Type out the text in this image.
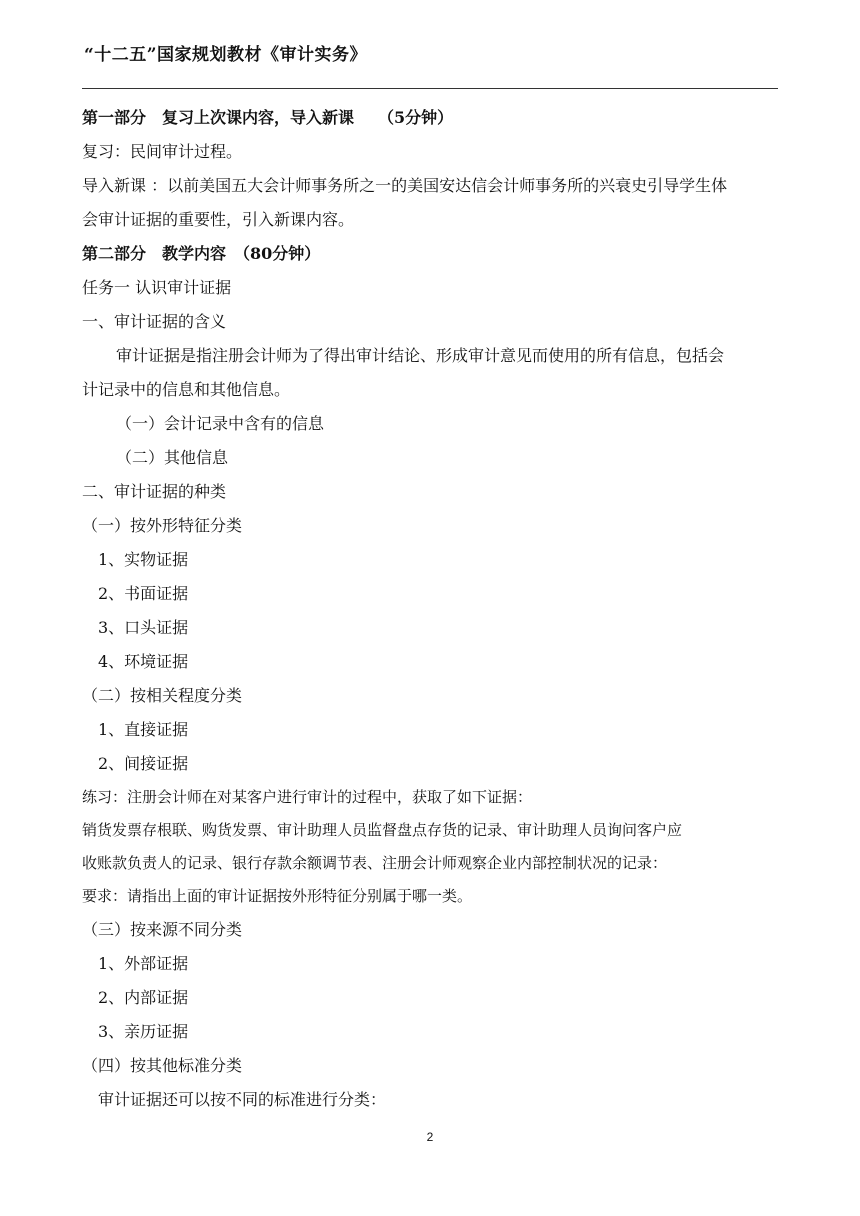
“十二五”国家规划教材《审计实务》
第一部分　复习上次课内容，导入新课　　（5分钟）
复习：民间审计过程。
导入新课 ：以前美国五大会计师事务所之一的美国安达信会计师事务所的兴衰史引导学生体
会审计证据的重要性，引入新课内容。
第二部分　教学内容　（80分钟）
任务一 认识审计证据
一、审计证据的含义
审计证据是指注册会计师为了得出审计结论、形成审计意见而使用的所有信息，包括会
计记录中的信息和其他信息。
（一）会计记录中含有的信息
（二）其他信息
二、审计证据的种类
（一）按外形特征分类
1、实物证据
2、书面证据
3、口头证据
4、环境证据
（二）按相关程度分类
1、直接证据
2、间接证据
练习：注册会计师在对某客户进行审计的过程中，获取了如下证据：
销货发票存根联、购货发票、审计助理人员监督盘点存货的记录、审计助理人员询问客户应
收账款负责人的记录、银行存款余额调节表、注册会计师观察企业内部控制状况的记录：
要求：请指出上面的审计证据按外形特征分别属于哪一类。
（三）按来源不同分类
1、外部证据
2、内部证据
3、亲历证据
（四）按其他标准分类
审计证据还可以按不同的标准进行分类：
2
